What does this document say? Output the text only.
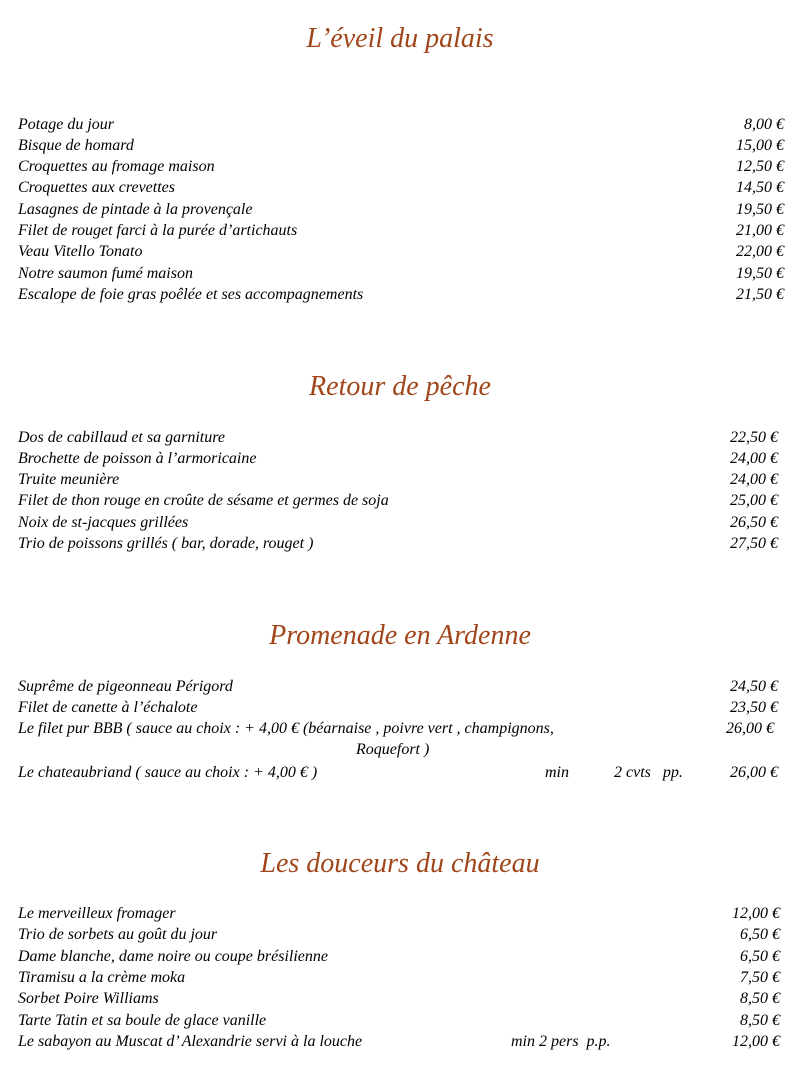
L’éveil du palais
Potage du jour	8,00 €
Bisque de homard	15,00 €
Croquettes au fromage maison	12,50 €
Croquettes aux crevettes	14,50 €
Lasagnes de pintade à la provençale	19,50 €
Filet de rouget farci à la purée d’artichauts	21,00 €
Veau Vitello Tonato	22,00 €
Notre saumon fumé maison	19,50 €
Escalope de foie gras poêlée et ses accompagnements	21,50 €
Retour de pêche
Dos de cabillaud et sa garniture	22,50 €
Brochette de poisson à l’armoricaine	24,00 €
Truite meunière	24,00 €
Filet de thon rouge en croûte de sésame et germes de soja	25,00 €
Noix de st-jacques grillées	26,50 €
Trio de poissons grillés ( bar, dorade, rouget )	27,50 €
Promenade en Ardenne
Suprême de pigeonneau Périgord	24,50 €
Filet de canette à l’échalote	23,50 €
Le filet pur BBB ( sauce au choix : + 4,00 € (béarnaise , poivre vert , champignons,	26,00 €
Roquefort )
Le chateaubriand ( sauce au choix : + 4,00 € )	min	2 cvts   pp.	26,00 €
Les douceurs du château
Le merveilleux fromager	12,00 €
Trio de sorbets au goût du jour	6,50 €
Dame blanche, dame noire ou coupe brésilienne	6,50 €
Tiramisu a la crème moka	7,50 €
Sorbet Poire Williams	8,50 €
Tarte Tatin et sa boule de glace vanille	8,50 €
Le sabayon au Muscat d’ Alexandrie servi à la louche	min 2 pers  p.p.	12,00 €
